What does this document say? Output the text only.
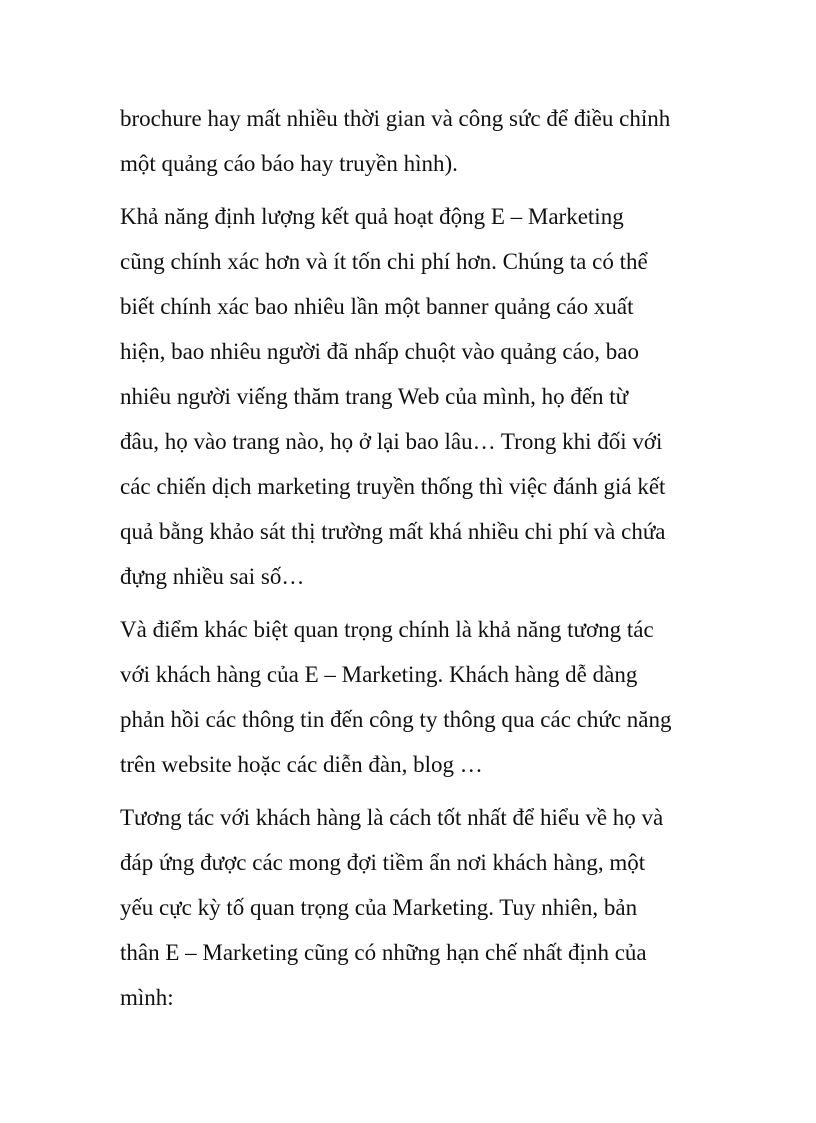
brochure hay mất nhiều thời gian và công sức để điều chỉnh
một quảng cáo báo hay truyền hình).

Khả năng định lượng kết quả hoạt động E – Marketing
cũng chính xác hơn và ít tốn chi phí hơn. Chúng ta có thể
biết chính xác bao nhiêu lần một banner quảng cáo xuất
hiện, bao nhiêu người đã nhấp chuột vào quảng cáo, bao
nhiêu người viếng thăm trang Web của mình, họ đến từ
đâu, họ vào trang nào, họ ở lại bao lâu… Trong khi đối với
các chiến dịch marketing truyền thống thì việc đánh giá kết
quả bằng khảo sát thị trường mất khá nhiều chi phí và chứa
đựng nhiều sai số…

Và điểm khác biệt quan trọng chính là khả năng tương tác
với khách hàng của E – Marketing. Khách hàng dễ dàng
phản hồi các thông tin đến công ty thông qua các chức năng
trên website hoặc các diễn đàn, blog …

Tương tác với khách hàng là cách tốt nhất để hiểu về họ và
đáp ứng được các mong đợi tiềm ẩn nơi khách hàng, một
yếu cực kỳ tố quan trọng của Marketing. Tuy nhiên, bản
thân E – Marketing cũng có những hạn chế nhất định của
mình:
